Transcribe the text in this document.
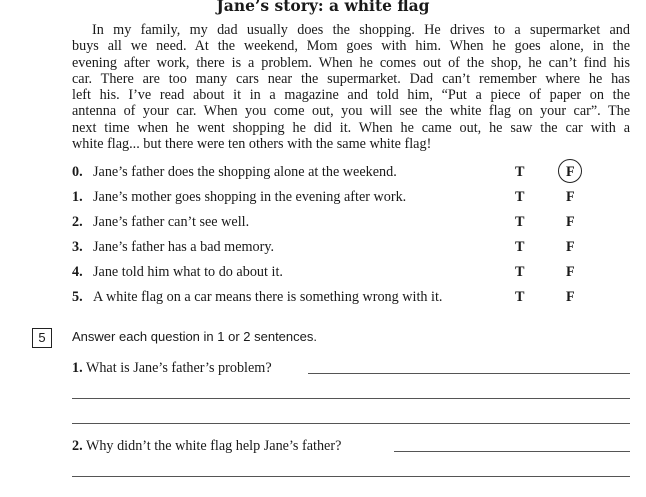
Jane’s story: a white flag
In my family, my dad usually does the shopping. He drives to a supermarket and
buys all we need. At the weekend, Mom goes with him. When he goes alone, in the
evening after work, there is a problem. When he comes out of the shop, he can’t find his
car. There are too many cars near the supermarket. Dad can’t remember where he has
left his. I’ve read about it in a magazine and told him, “Put a piece of paper on the
antenna of your car. When you come out, you will see the white flag on your car”. The
next time when he went shopping he did it. When he came out, he saw the car with a
white flag... but there were ten others with the same white flag!
0. Jane’s father does the shopping alone at the weekend.	T	F
1. Jane’s mother goes shopping in the evening after work.	T	F
2. Jane’s father can’t see well.	T	F
3. Jane’s father has a bad memory.	T	F
4. Jane told him what to do about it.	T	F
5. A white flag on a car means there is something wrong with it.	T	F
5	Answer each question in 1 or 2 sentences.
1. What is Jane’s father’s problem?
2. Why didn’t the white flag help Jane’s father?
